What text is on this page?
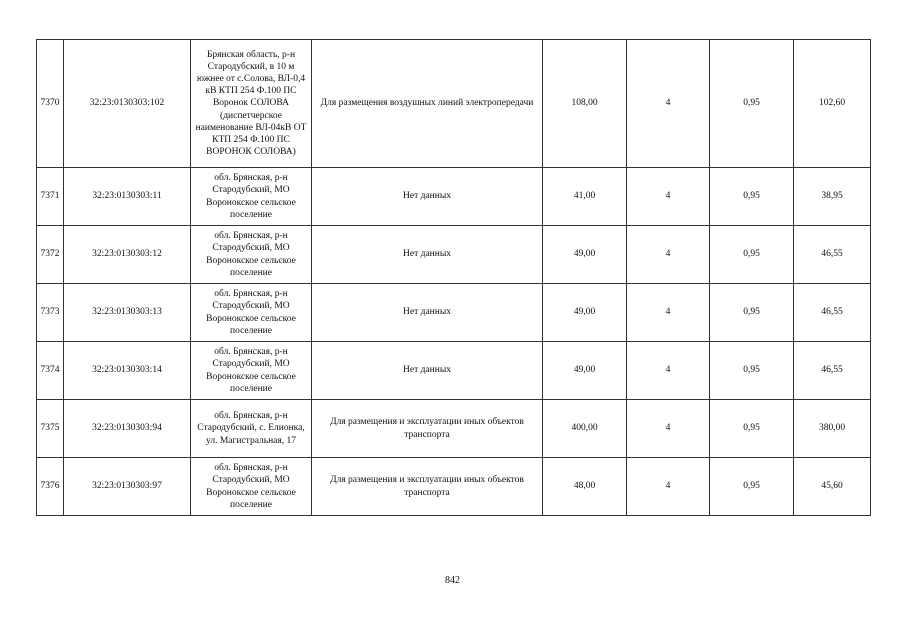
7370	32:23:0130303:102	Брянская область, р-н Стародубский, в 10 м южнее от с.Солова, ВЛ-0,4 кВ КТП 254 Ф.100 ПС Воронок СОЛОВА (диспетчерское наименование ВЛ-04кВ ОТ КТП 254 Ф.100 ПС ВОРОНОК СОЛОВА)	Для размещения воздушных линий электропередачи	108,00	4	0,95	102,60
7371	32:23:0130303:11	обл. Брянская, р-н Стародубский, МО Воронокское сельское поселение	Нет данных	41,00	4	0,95	38,95
7372	32:23:0130303:12	обл. Брянская, р-н Стародубский, МО Воронокское сельское поселение	Нет данных	49,00	4	0,95	46,55
7373	32:23:0130303:13	обл. Брянская, р-н Стародубский, МО Воронокское сельское поселение	Нет данных	49,00	4	0,95	46,55
7374	32:23:0130303:14	обл. Брянская, р-н Стародубский, МО Воронокское сельское поселение	Нет данных	49,00	4	0,95	46,55
7375	32:23:0130303:94	обл. Брянская, р-н Стародубский, с. Елионка, ул. Магистральная, 17	Для размещения и эксплуатации иных объектов транспорта	400,00	4	0,95	380,00
7376	32:23:0130303:97	обл. Брянская, р-н Стародубский, МО Воронокское сельское поселение	Для размещения и эксплуатации иных объектов транспорта	48,00	4	0,95	45,60
842
